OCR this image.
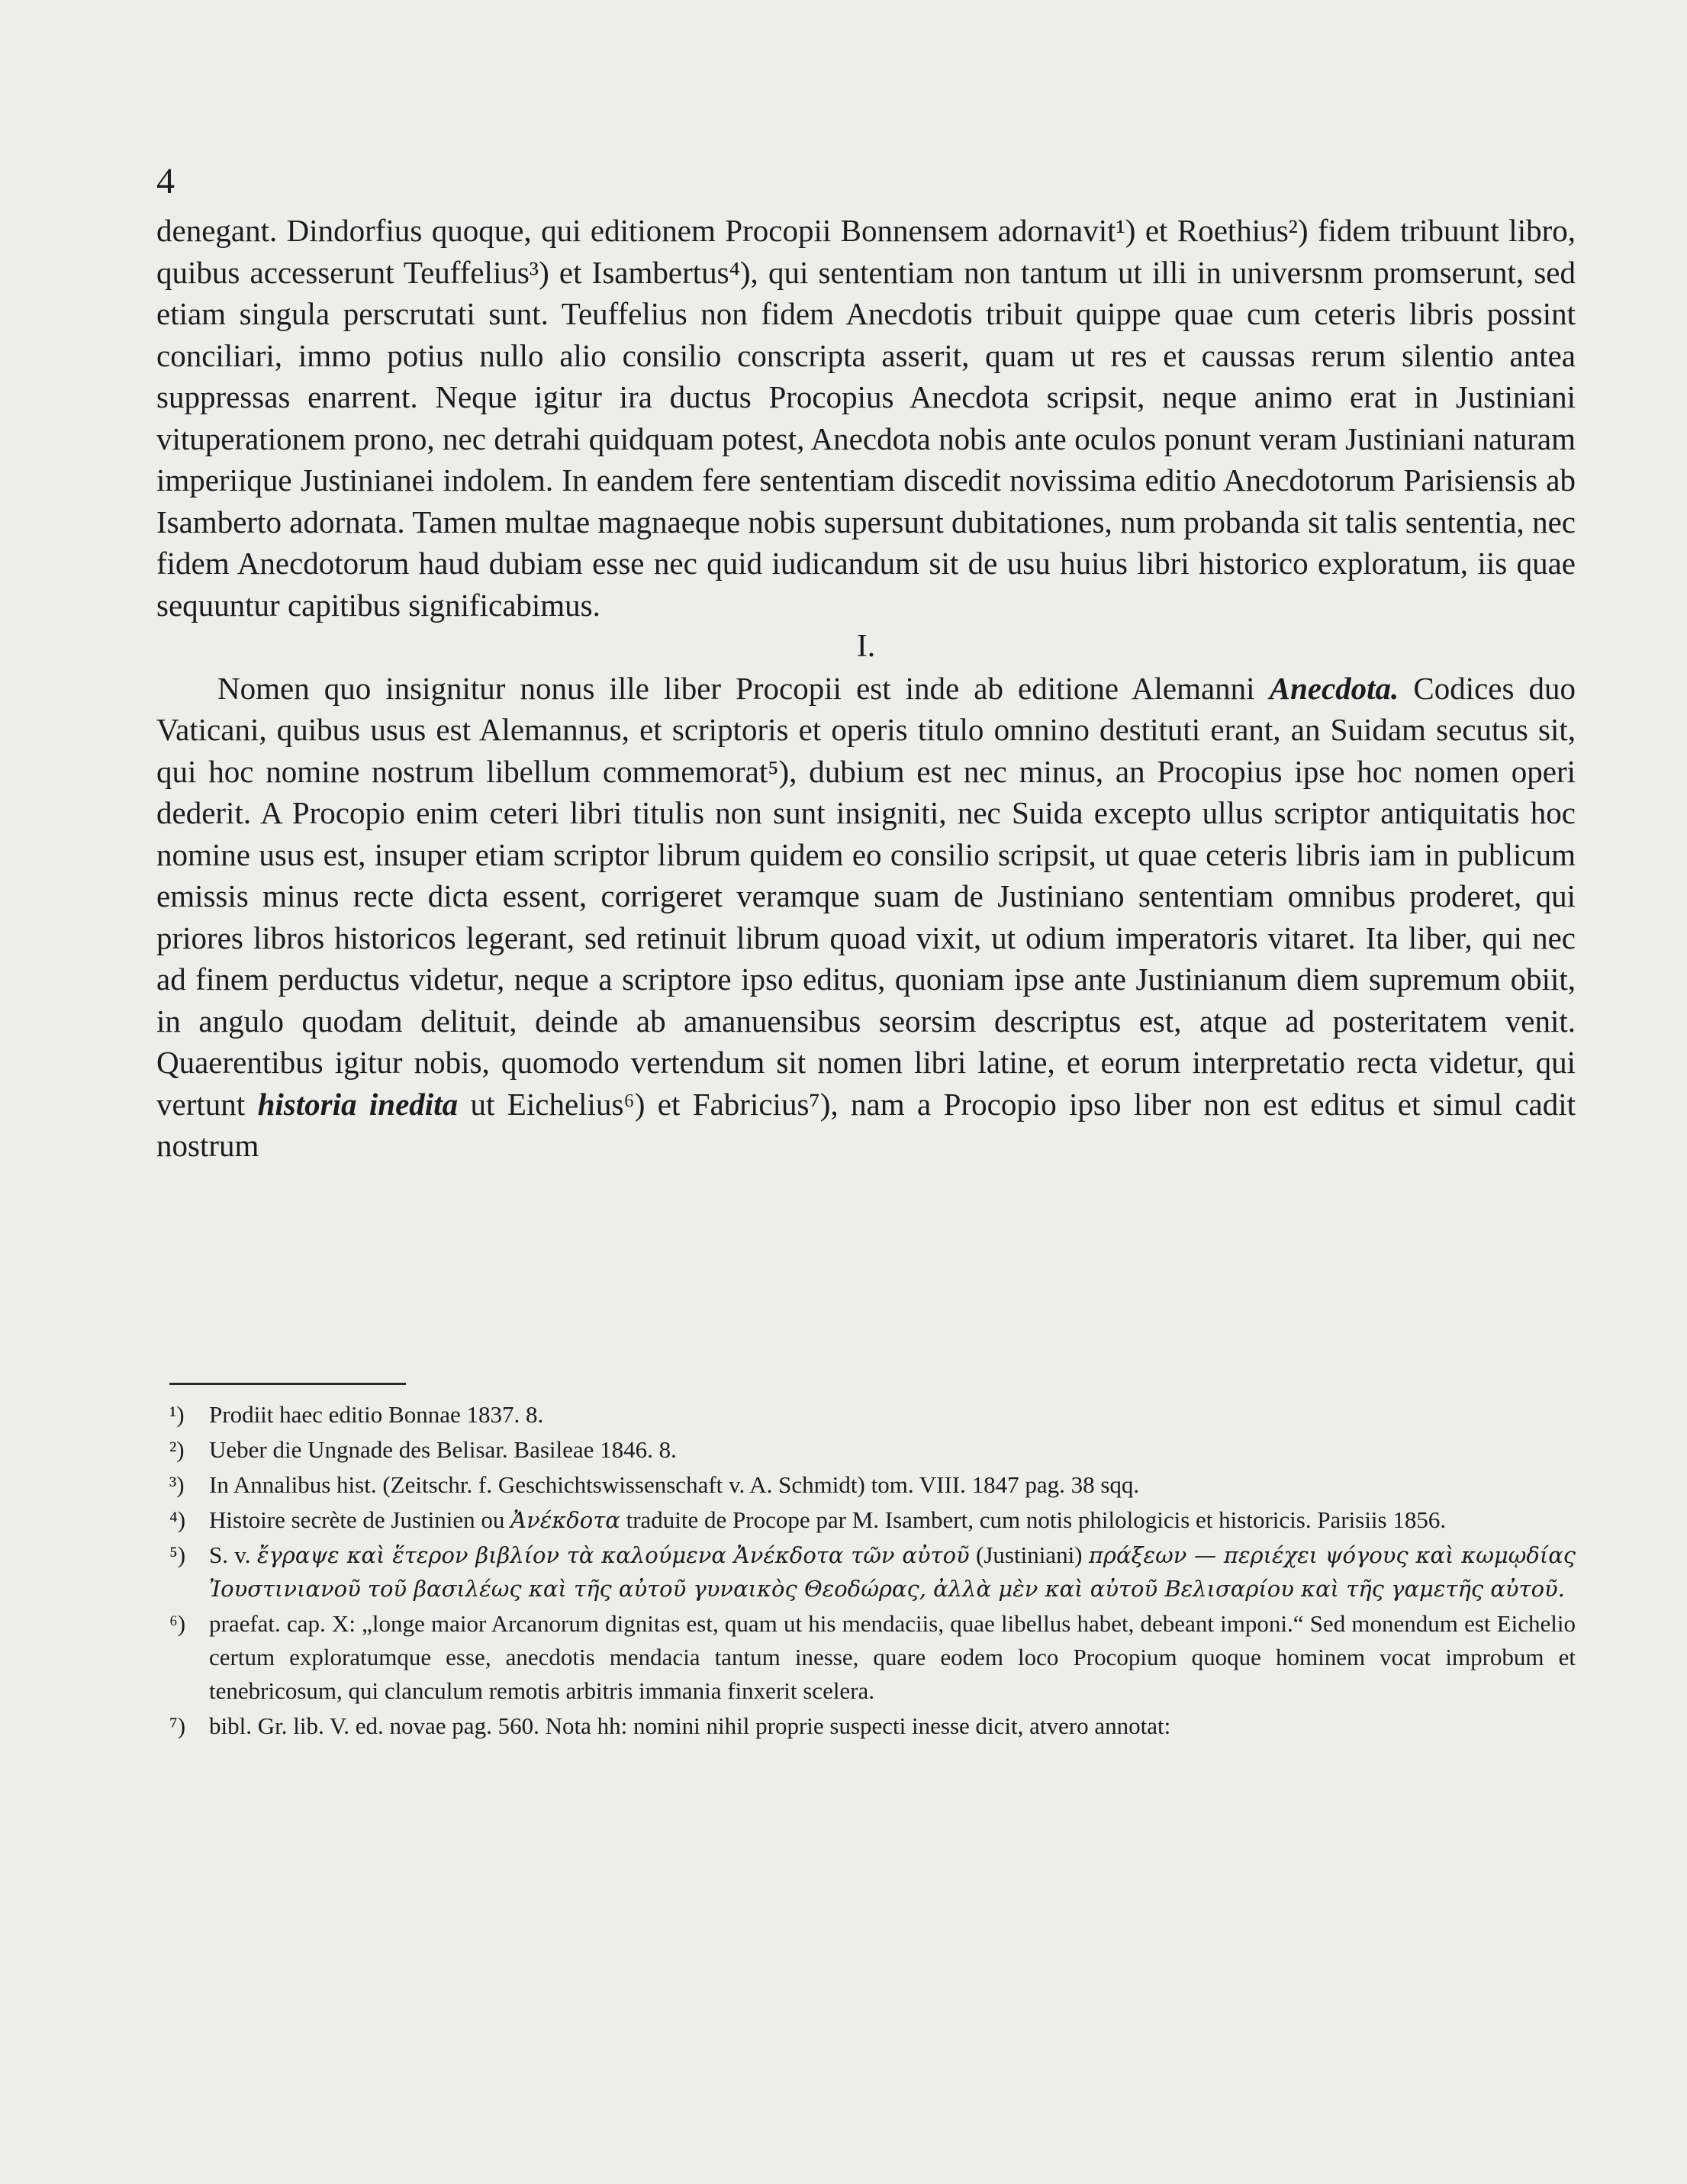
4

denegant. Dindorfius quoque, qui editionem Procopii Bonnensem adornavit¹) et Roethius²) fidem tribuunt libro, quibus accesserunt Teuffelius³) et Isambertus⁴), qui sententiam non tantum ut illi in universnm promserunt, sed etiam singula perscrutati sunt. Teuffelius non fidem Anecdotis tribuit quippe quae cum ceteris libris possint conciliari, immo potius nullo alio consilio conscripta asserit, quam ut res et caussas rerum silentio antea suppressas enarrent. Neque igitur ira ductus Procopius Anecdota scripsit, neque animo erat in Justiniani vituperationem prono, nec detrahi quidquam potest, Anecdota nobis ante oculos ponunt veram Justiniani naturam imperiique Justinianei indolem. In eandem fere sententiam discedit novissima editio Anecdotorum Parisiensis ab Isamberto adornata. Tamen multae magnaeque nobis supersunt dubitationes, num probanda sit talis sententia, nec fidem Anecdotorum haud dubiam esse nec quid iudicandum sit de usu huius libri historico exploratum, iis quae sequuntur capitibus significabimus.

I.

Nomen quo insignitur nonus ille liber Procopii est inde ab editione Alemanni Anecdota. Codices duo Vaticani, quibus usus est Alemannus, et scriptoris et operis titulo omnino destituti erant, an Suidam secutus sit, qui hoc nomine nostrum libellum commemorat⁵), dubium est nec minus, an Procopius ipse hoc nomen operi dederit. A Procopio enim ceteri libri titulis non sunt insigniti, nec Suida excepto ullus scriptor antiquitatis hoc nomine usus est, insuper etiam scriptor librum quidem eo consilio scripsit, ut quae ceteris libris iam in publicum emissis minus recte dicta essent, corrigeret veramque suam de Justiniano sententiam omnibus proderet, qui priores libros historicos legerant, sed retinuit librum quoad vixit, ut odium imperatoris vitaret. Ita liber, qui nec ad finem perductus videtur, neque a scriptore ipso editus, quoniam ipse ante Justinianum diem supremum obiit, in angulo quodam delituit, deinde ab amanuensibus seorsim descriptus est, atque ad posteritatem venit. Quaerentibus igitur nobis, quomodo vertendum sit nomen libri latine, et eorum interpretatio recta videtur, qui vertunt historia inedita ut Eichelius⁶) et Fabricius⁷), nam a Procopio ipso liber non est editus et simul cadit nostrum

¹)	Prodiit haec editio Bonnae 1837. 8.
²)	Ueber die Ungnade des Belisar. Basileae 1846. 8.
³)	In Annalibus hist. (Zeitschr. f. Geschichtswissenschaft v. A. Schmidt) tom. VIII. 1847 pag. 38 sqq.
⁴) Histoire secrète de Justinien ou Ἀνέκδοτα traduite de Procope par M. Isambert, cum notis philologicis et historicis. Parisiis 1856.
⁵) S. v. ἔγραψε καὶ ἕτερον βιβλίον τὰ καλούμενα Ἀνέκδοτα τῶν αὐτοῦ (Justiniani) πράξεων — περιέχει ψόγους καὶ κωμῳδίας Ἰουστινιανοῦ τοῦ βασιλέως καὶ τῆς αὐτοῦ γυναικὸς Θεοδώρας, ἀλλὰ μὲν καὶ αὐτοῦ Βελισαρίου καὶ τῆς γαμετῆς αὐτοῦ.
⁶) praefat. cap. X: „longe maior Arcanorum dignitas est, quam ut his mendaciis, quae libellus habet, debeant imponi.“ Sed monendum est Eichelio certum exploratumque esse, anecdotis mendacia tantum inesse, quare eodem loco Procopium quoque hominem vocat improbum et tenebricosum, qui clanculum remotis arbitris immania finxerit scelera.
⁷) bibl. Gr. lib. V. ed. novae pag. 560. Nota hh: nomini nihil proprie suspecti inesse dicit, atvero annotat:
